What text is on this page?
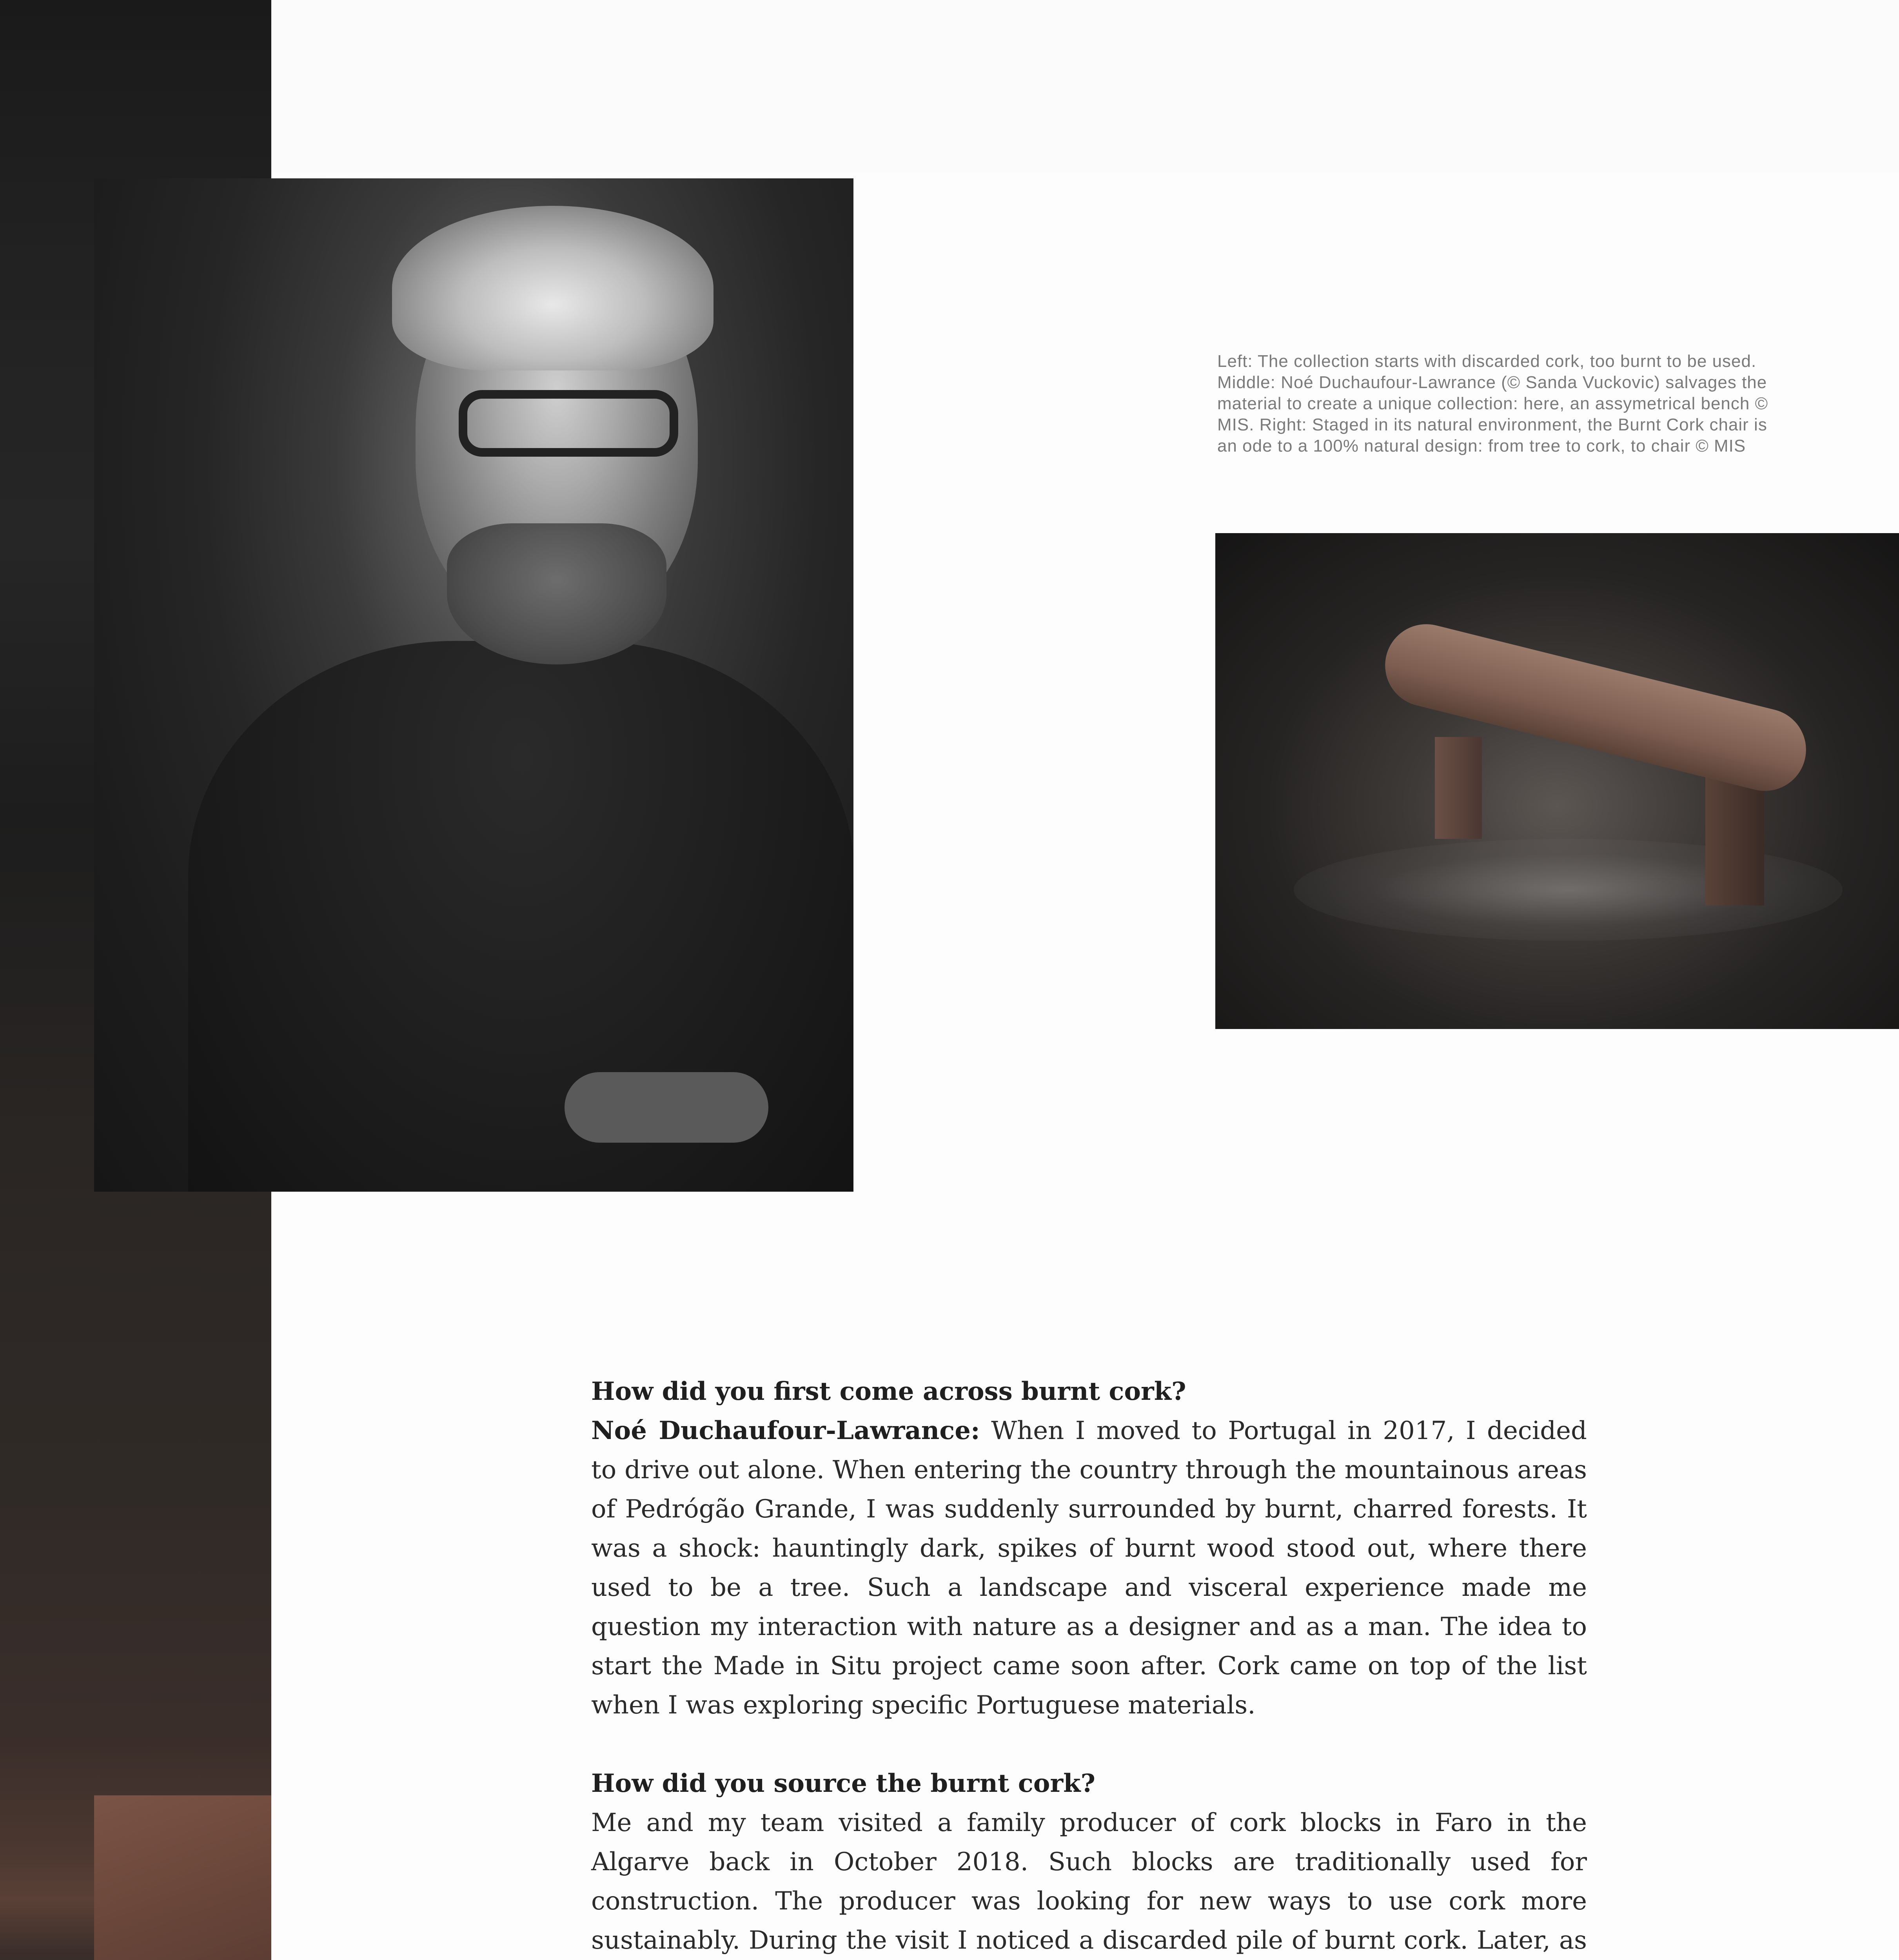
Left: The collection starts with discarded cork, too burnt to be used. Middle: Noé Duchaufour-Lawrance (© Sanda Vuckovic) salvages the material to create a unique collection: here, an assymetrical bench © MIS. Right: Staged in its natural environment, the Burnt Cork chair is an ode to a 100% natural design: from tree to cork, to chair © MIS

How did you first come across burnt cork?

Noé Duchaufour-Lawrance: When I moved to Portugal in 2017, I decided to drive out alone. When entering the country through the mountainous areas of Pedrógão Grande, I was suddenly surrounded by burnt, charred forests. It was a shock: hauntingly dark, spikes of burnt wood stood out, where there used to be a tree. Such a landscape and visceral experience made me question my interaction with nature as a designer and as a man. The idea to start the Made in Situ project came soon after. Cork came on top of the list when I was exploring specific Portuguese materials.

How did you source the burnt cork?

Me and my team visited a family producer of cork blocks in Faro in the Algarve back in October 2018. Such blocks are traditionally used for construction. The producer was looking for new ways to use cork more sustainably. During the visit I noticed a discarded pile of burnt cork. Later, as
